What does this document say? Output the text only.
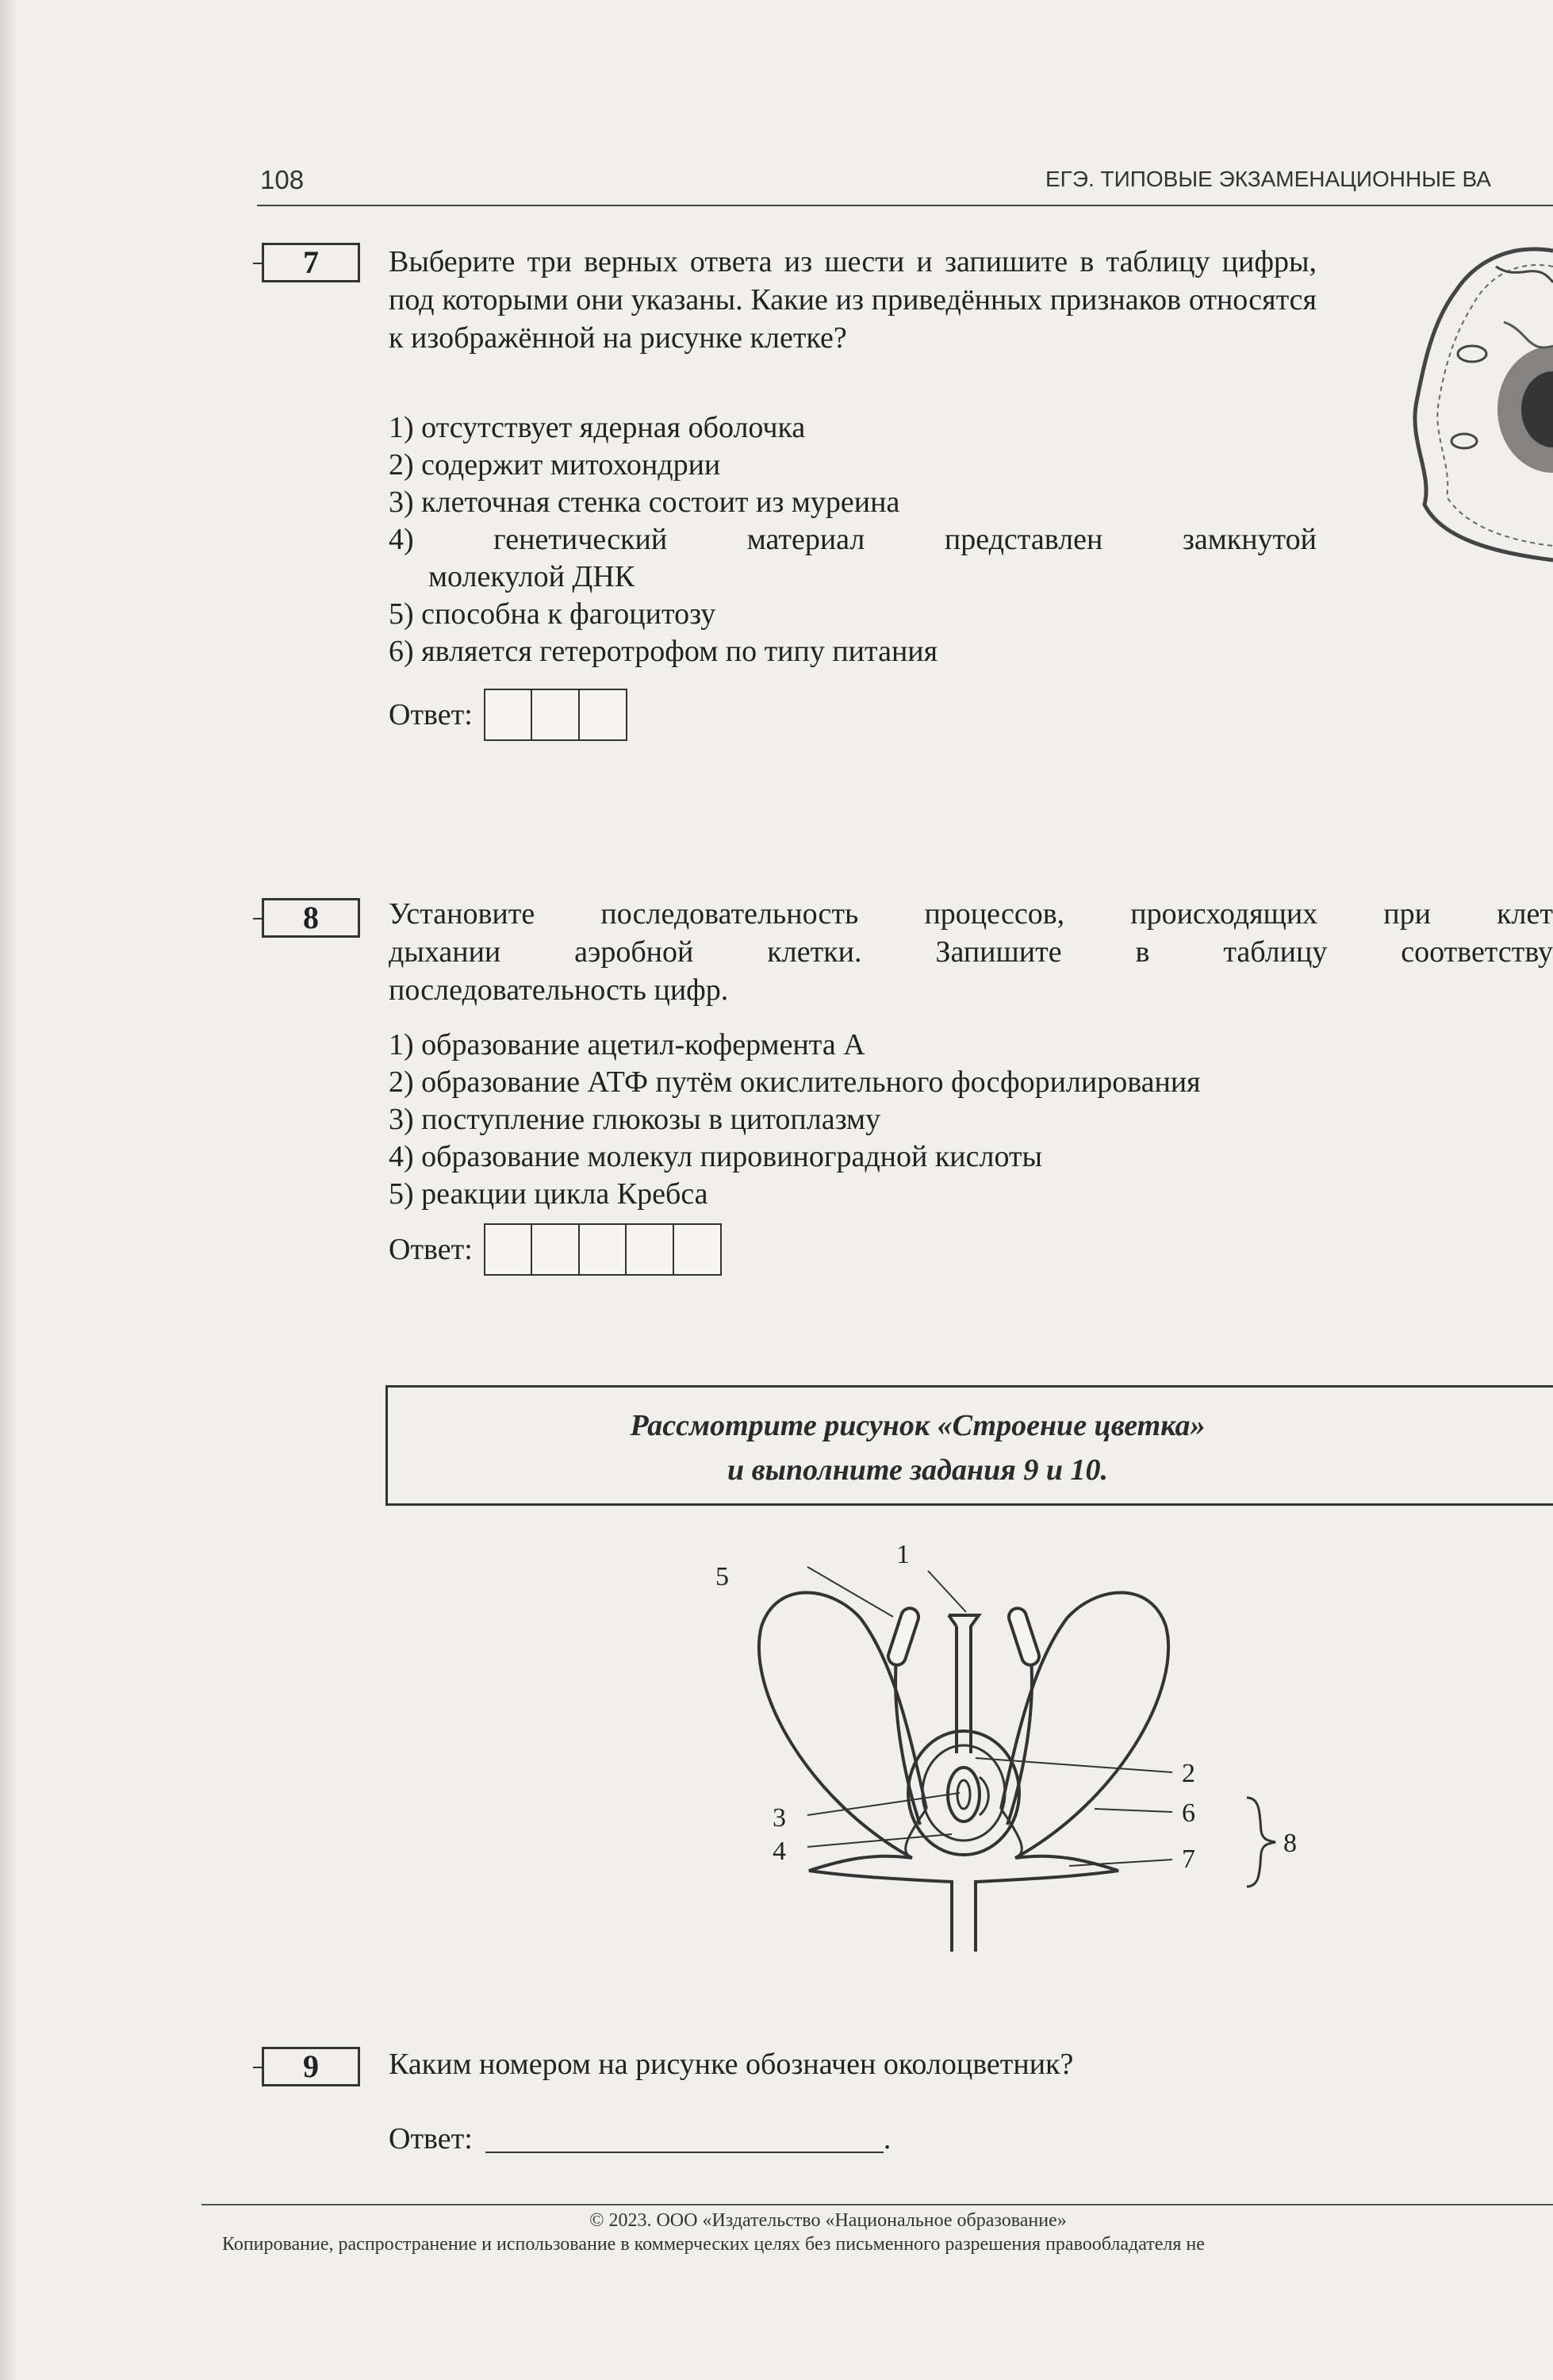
108	ЕГЭ. ТИПОВЫЕ ЭКЗАМЕНАЦИОННЫЕ ВА
7	Выберите три верных ответа из шести и запишите в таблицу цифры, под которыми они указаны. Какие из приведённых признаков относятся к изображённой на рисунке клетке?
1) отсутствует ядерная оболочка
2) содержит митохондрии
3) клеточная стенка состоит из муреина
4) генетический материал представлен замкнутой
молекулой ДНК
5) способна к фагоцитозу
6) является гетеротрофом по типу питания
Ответ:
8	Установите последовательность процессов, происходящих при клет
дыхании аэробной клетки. Запишите в таблицу соответству
последовательность цифр.
1) образование ацетил-кофермента А
2) образование АТФ путём окислительного фосфорилирования
3) поступление глюкозы в цитоплазму
4) образование молекул пировиноградной кислоты
5) реакции цикла Кребса
Ответ:
Рассмотрите рисунок «Строение цветка»
и выполните задания 9 и 10.
1
5
2
3	6
4	7
8
9	Каким номером на рисунке обозначен околоцветник?
Ответ:	.
© 2023. ООО «Издательство «Национальное образование»
Копирование, распространение и использование в коммерческих целях без письменного разрешения правообладателя не
